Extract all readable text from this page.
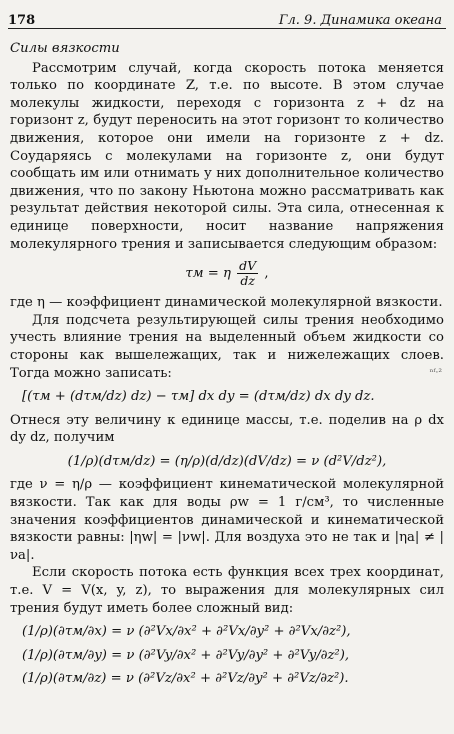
178	Гл. 9. Динамика океана
Силы вязкости

Рассмотрим случай, когда скорость потока меняется только по координате Z, т.е. по высоте. В этом случае молекулы жидкости, переходя с горизонта z + dz на горизонт z, будут переносить на этот горизонт то количество движения, которое они имели на горизонте z + dz. Соударяясь с молекулами на горизонте z, они будут сообщать им или отнимать у них дополнительное количество движения, что по закону Ньютона можно рассматривать как результат действия некоторой силы. Эта сила, отнесенная к единице поверхности, носит название напряжения молекулярного трения и записывается следующим образом:

τм = η $\frac{dV}{dz}$ ,

где η — коэффициент динамической молекулярной вязкости.

Для подсчета результирующей силы трения необходимо учесть влияние трения на выделенный объем жидкости со стороны как вышележащих, так и нижележащих слоев. Тогда можно записать:

[(τм + (dτм/dz) dz) − τм] dx dy = (dτм/dz) dx dy dz.

Отнеся эту величину к единице массы, т.е. поделив на ρ dx dy dz, получим

(1/ρ)(dτм/dz) = (η/ρ)(d/dz)(dV/dz) = ν (d²V/dz²),

где ν = η/ρ — коэффициент кинематической молекулярной вязкости. Так как для воды ρw = 1 г/см³, то численные значения коэффициентов динамической и кинематической вязкости равны: |ηw| = |νw|. Для воздуха это не так и |ηa| ≠ |νa|.

Если скорость потока есть функция всех трех координат, т.е. V = V(x, y, z), то выражения для молекулярных сил трения будут иметь более сложный вид:

(1/ρ)(∂τм/∂x) = ν (∂²Vx/∂x² + ∂²Vx/∂y² + ∂²Vx/∂z²),
(1/ρ)(∂τм/∂y) = ν (∂²Vy/∂x² + ∂²Vy/∂y² + ∂²Vy/∂z²),
(1/ρ)(∂τм/∂z) = ν (∂²Vz/∂x² + ∂²Vz/∂y² + ∂²Vz/∂z²).
ⁿᶠ·²
